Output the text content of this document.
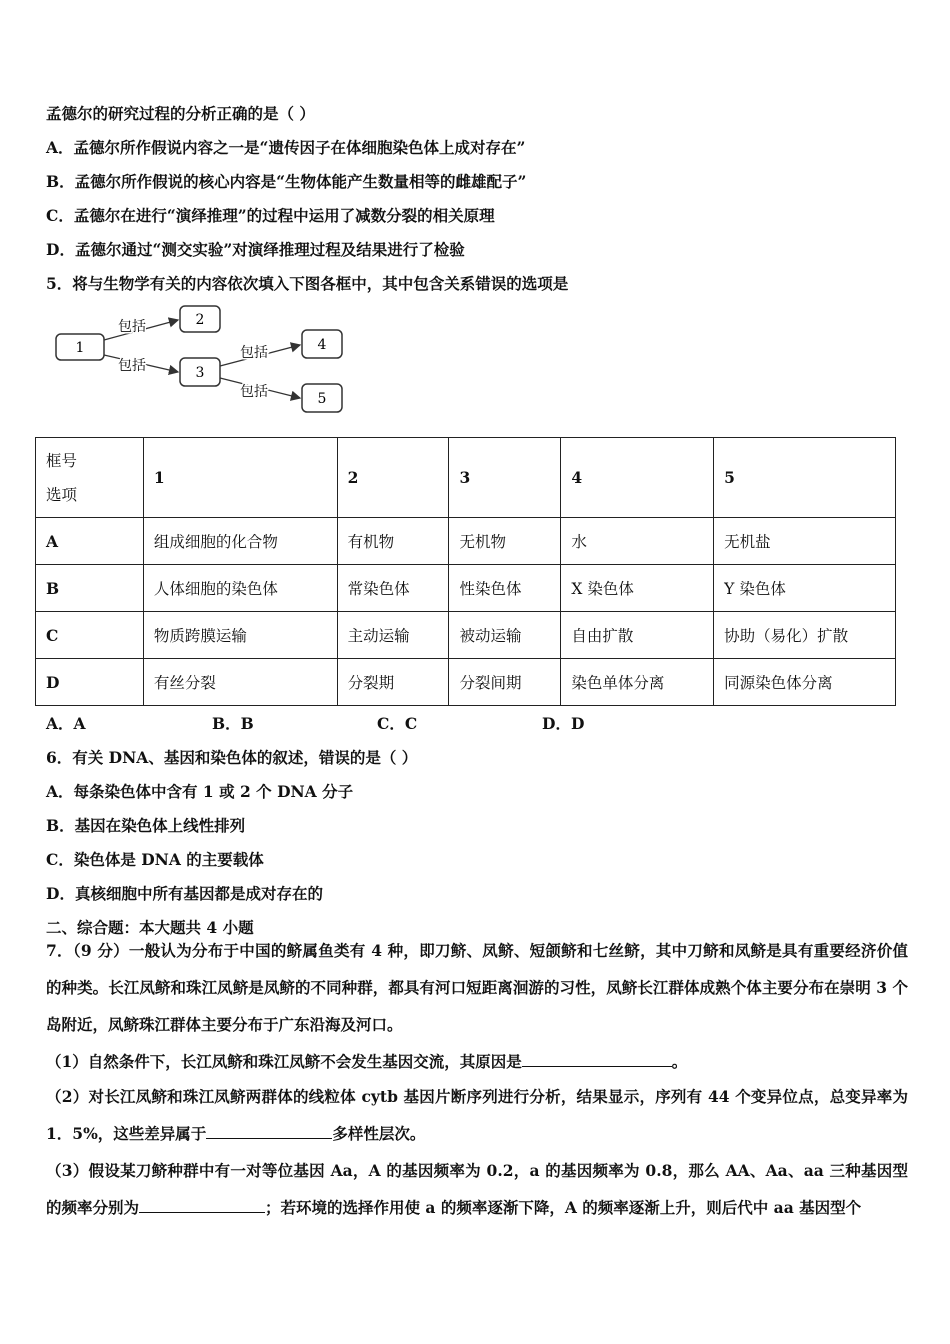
孟德尔的研究过程的分析正确的是（ ）
A．孟德尔所作假说内容之一是“遗传因子在体细胞染色体上成对存在”
B．孟德尔所作假说的核心内容是“生物体能产生数量相等的雌雄配子”
C．孟德尔在进行“演绎推理”的过程中运用了减数分裂的相关原理
D．孟德尔通过“测交实验”对演绎推理过程及结果进行了检验
5．将与生物学有关的内容依次填入下图各框中，其中包含关系错误的选项是
1
2
3
4
5
包括
包括
包括
包括
框号
选项	1	2	3	4	5
A	组成细胞的化合物	有机物	无机物	水	无机盐
B	人体细胞的染色体	常染色体	性染色体	X 染色体	Y 染色体
C	物质跨膜运输	主动运输	被动运输	自由扩散	协助（易化）扩散
D	有丝分裂	分裂期	分裂间期	染色单体分离	同源染色体分离
A．A	B．B	C．C	D．D
6．有关 DNA、基因和染色体的叙述，错误的是（ ）
A．每条染色体中含有 1 或 2 个 DNA 分子
B．基因在染色体上线性排列
C．染色体是 DNA 的主要载体
D．真核细胞中所有基因都是成对存在的
二、综合题：本大题共 4 小题
7．（9 分）一般认为分布于中国的鲚属鱼类有 4 种，即刀鲚、凤鲚、短颌鲚和七丝鲚，其中刀鲚和凤鲚是具有重要经济价值的种类。长江凤鲚和珠江凤鲚是凤鲚的不同种群，都具有河口短距离洄游的习性，凤鲚长江群体成熟个体主要分布在崇明 3 个岛附近，凤鲚珠江群体主要分布于广东沿海及河口。
（1）自然条件下，长江凤鲚和珠江凤鲚不会发生基因交流，其原因是	。
（2）对长江凤鲚和珠江凤鲚两群体的线粒体 cytb 基因片断序列进行分析，结果显示，序列有 44 个变异位点，总变异率为 1．5%，这些差异属于	多样性层次。
（3）假设某刀鲚种群中有一对等位基因 Aa，A 的基因频率为 0.2，a 的基因频率为 0.8，那么 AA、Aa、aa 三种基因型的频率分别为	；若环境的选择作用使 a 的频率逐渐下降，A 的频率逐渐上升，则后代中 aa 基因型个
